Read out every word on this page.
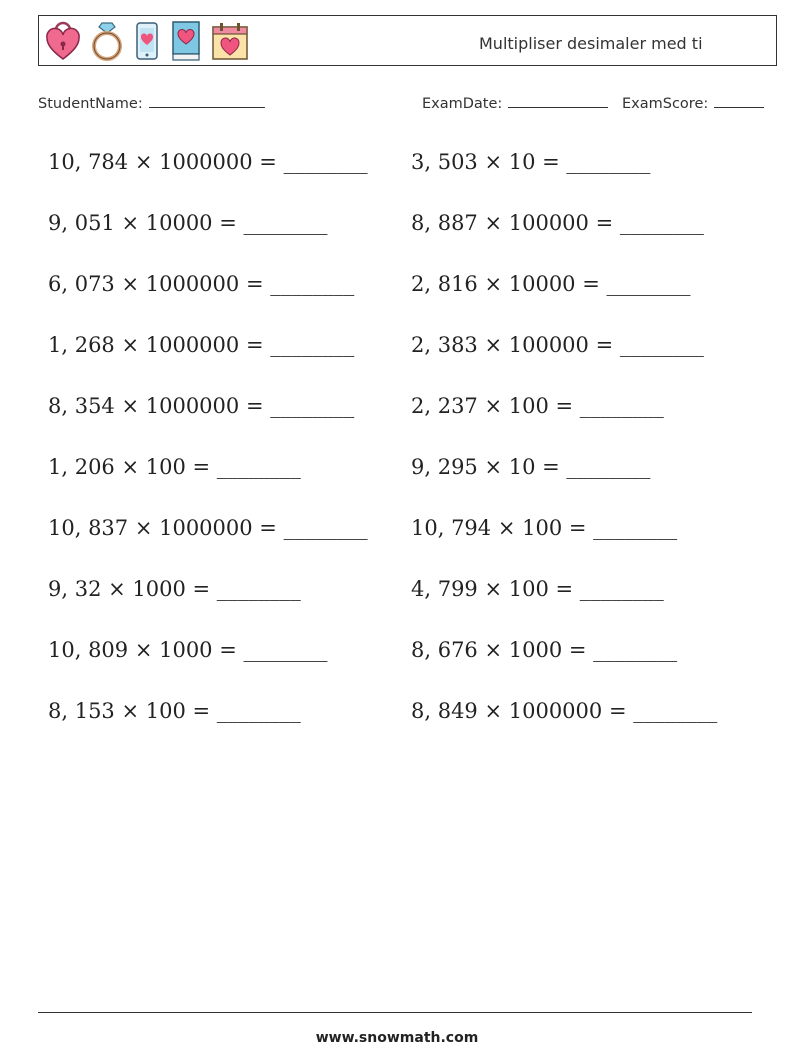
Multipliser desimaler med ti
StudentName:	ExamDate:	ExamScore:
10, 784 × 1000000 = ________ 3, 503 × 10 = ________
9, 051 × 10000 = ________	8, 887 × 100000 = ________
6, 073 × 1000000 = ________	2, 816 × 10000 = ________
1, 268 × 1000000 = ________	2, 383 × 100000 = ________
8, 354 × 1000000 = ________	2, 237 × 100 = ________
1, 206 × 100 = ________	9, 295 × 10 = ________
10, 837 × 1000000 = ________ 10, 794 × 100 = ________
9, 32 × 1000 = ________	4, 799 × 100 = ________
10, 809 × 1000 = ________	8, 676 × 1000 = ________
8, 153 × 100 = ________	8, 849 × 1000000 = ________
www.snowmath.com
